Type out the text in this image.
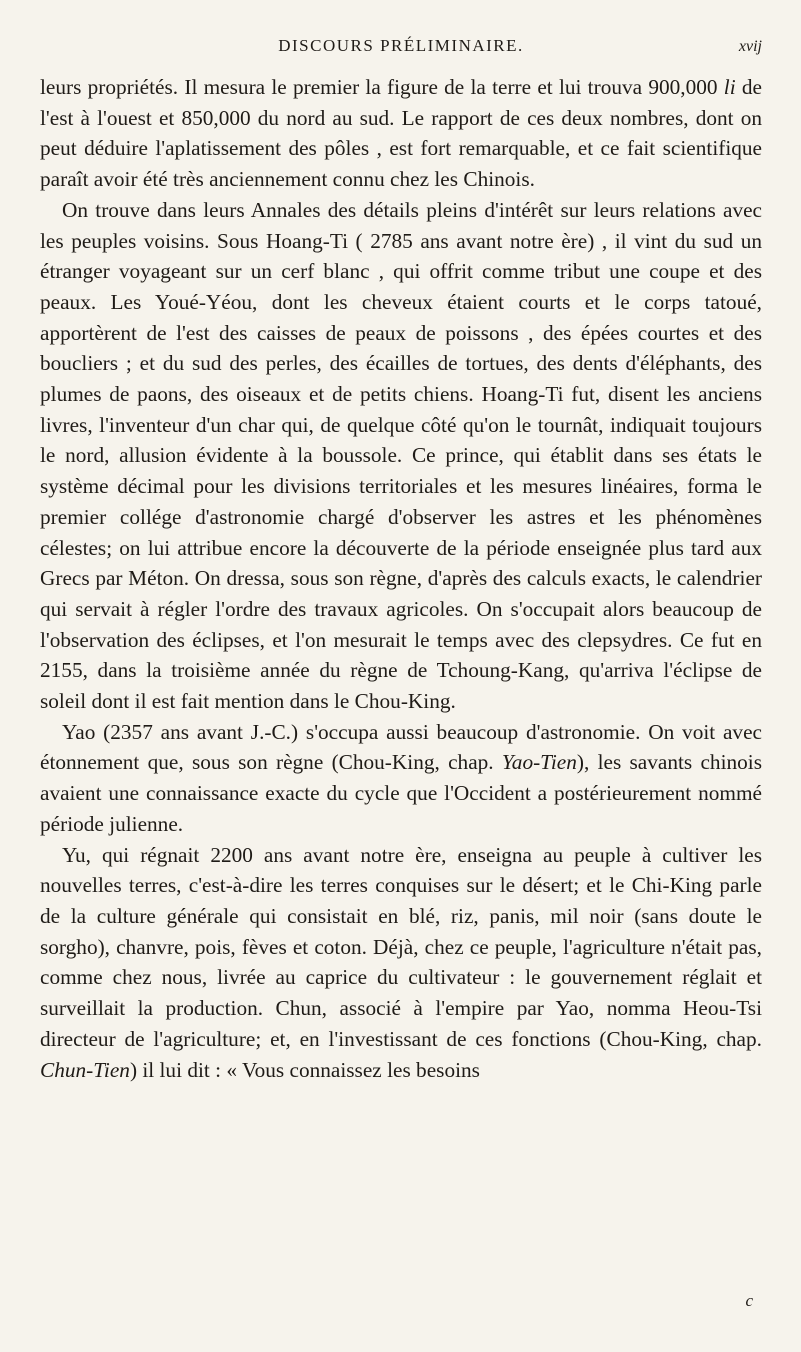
DISCOURS PRÉLIMINAIRE.	xvij

leurs propriétés. Il mesura le premier la figure de la terre et lui trouva 900,000 li de l'est à l'ouest et 850,000 du nord au sud. Le rapport de ces deux nombres, dont on peut déduire l'aplatissement des pôles , est fort remarquable, et ce fait scientifique paraît avoir été très anciennement connu chez les Chinois.

On trouve dans leurs Annales des détails pleins d'intérêt sur leurs relations avec les peuples voisins. Sous Hoang-Ti ( 2785 ans avant notre ère) , il vint du sud un étranger voyageant sur un cerf blanc , qui offrit comme tribut une coupe et des peaux. Les Youé-Yéou, dont les cheveux étaient courts et le corps tatoué, apportèrent de l'est des caisses de peaux de poissons , des épées courtes et des boucliers ; et du sud des perles, des écailles de tortues, des dents d'éléphants, des plumes de paons, des oiseaux et de petits chiens. Hoang-Ti fut, disent les anciens livres, l'inventeur d'un char qui, de quelque côté qu'on le tournât, indiquait toujours le nord, allusion évidente à la boussole. Ce prince, qui établit dans ses états le système décimal pour les divisions territoriales et les mesures linéaires, forma le premier collége d'astronomie chargé d'observer les astres et les phénomènes célestes; on lui attribue encore la découverte de la période enseignée plus tard aux Grecs par Méton. On dressa, sous son règne, d'après des calculs exacts, le calendrier qui servait à régler l'ordre des travaux agricoles. On s'occupait alors beaucoup de l'observation des éclipses, et l'on mesurait le temps avec des clepsydres. Ce fut en 2155, dans la troisième année du règne de Tchoung-Kang, qu'arriva l'éclipse de soleil dont il est fait mention dans le Chou-King.

Yao (2357 ans avant J.-C.) s'occupa aussi beaucoup d'astronomie. On voit avec étonnement que, sous son règne (Chou-King, chap. Yao-Tien), les savants chinois avaient une connaissance exacte du cycle que l'Occident a postérieurement nommé période julienne.

Yu, qui régnait 2200 ans avant notre ère, enseigna au peuple à cultiver les nouvelles terres, c'est-à-dire les terres conquises sur le désert; et le Chi-King parle de la culture générale qui consistait en blé, riz, panis, mil noir (sans doute le sorgho), chanvre, pois, fèves et coton. Déjà, chez ce peuple, l'agriculture n'était pas, comme chez nous, livrée au caprice du cultivateur : le gouvernement réglait et surveillait la production. Chun, associé à l'empire par Yao, nomma Heou-Tsi directeur de l'agriculture; et, en l'investissant de ces fonctions (Chou-King, chap. Chun-Tien) il lui dit : « Vous connaissez les besoins

c
